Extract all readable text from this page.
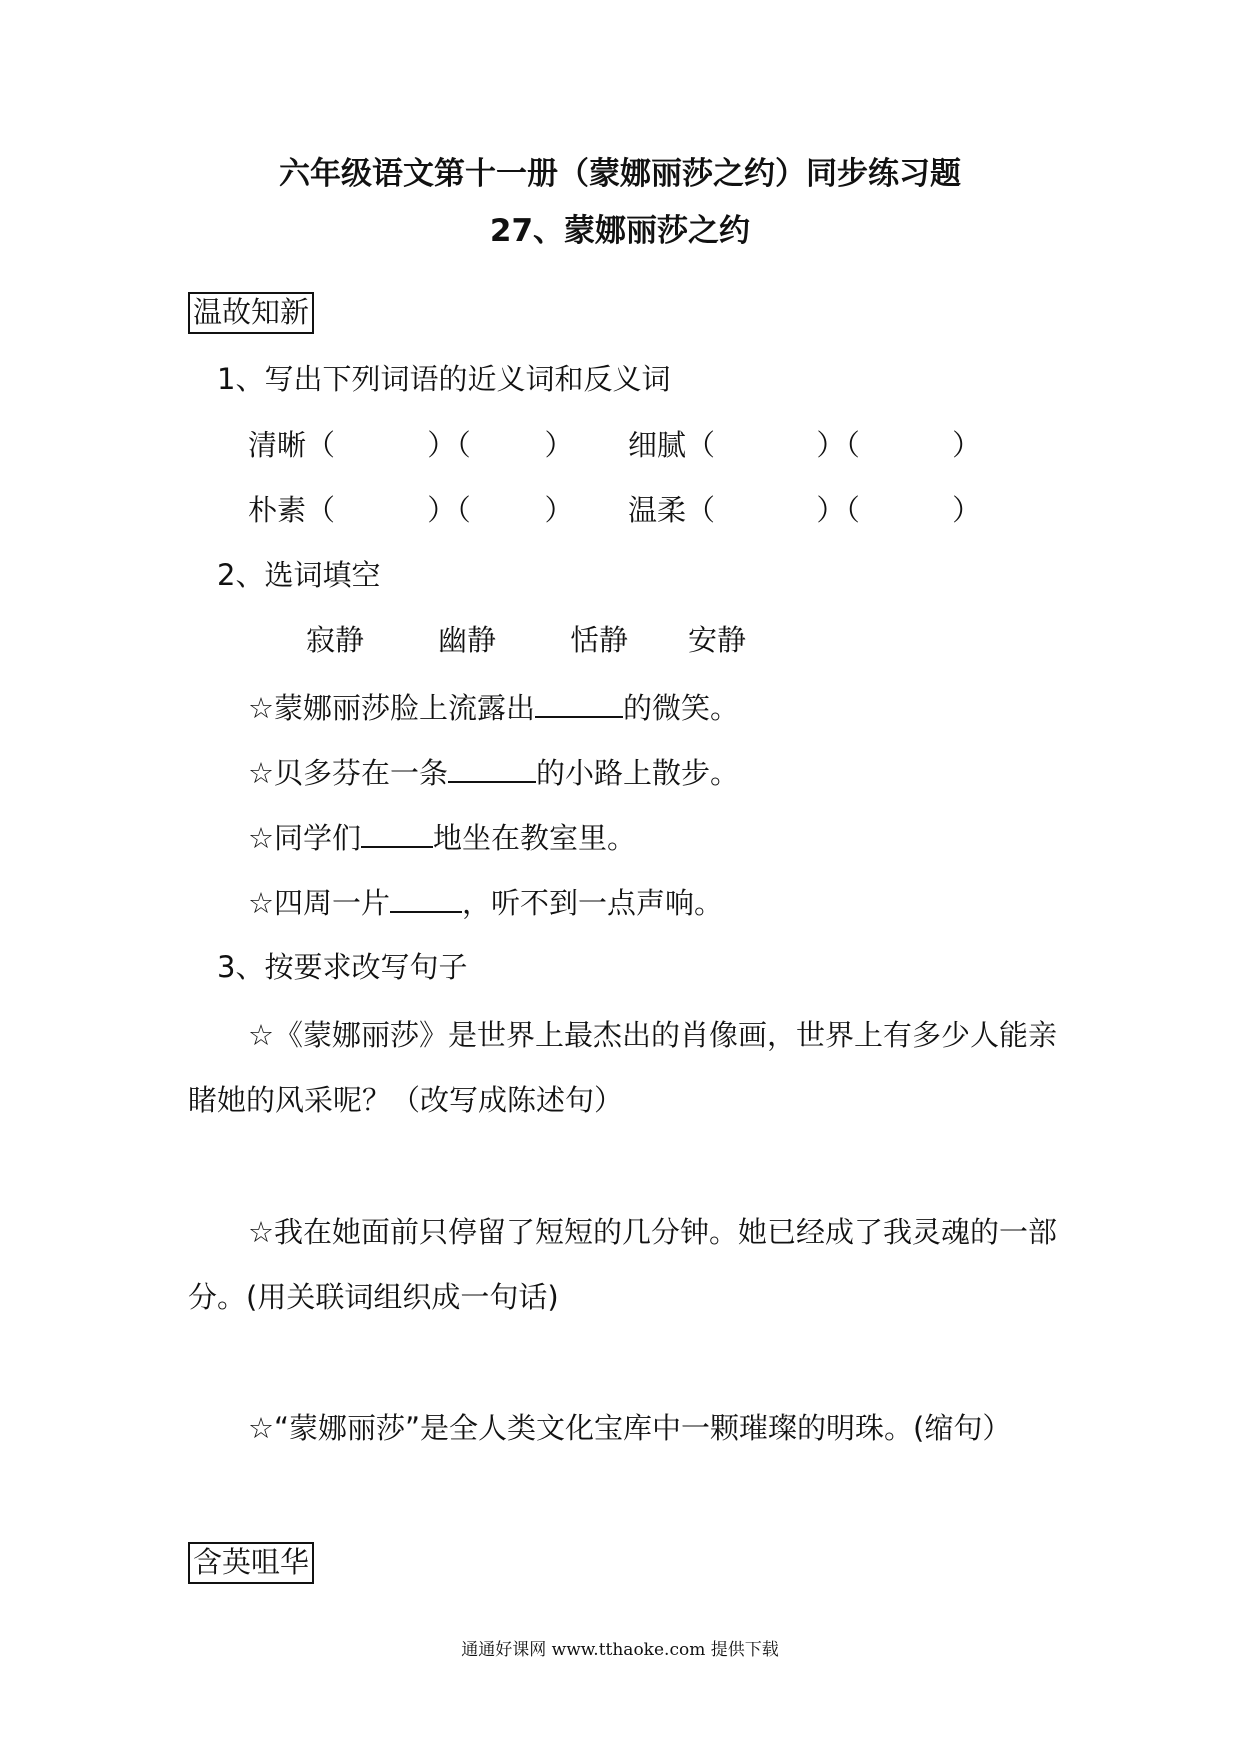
六年级语文第十一册（蒙娜丽莎之约）同步练习题
27、蒙娜丽莎之约
温故知新
1、写出下列词语的近义词和反义词
清晰（          ）（        ） 细腻（           ）（          ）
朴素（          ）（        ） 温柔（           ）（          ）
2、选词填空
寂静	幽静	恬静 安静
☆蒙娜丽莎脸上流露出	的微笑。
☆贝多芬在一条	的小路上散步。
☆同学们 地坐在教室里。
☆四周一片 ，听不到一点声响。
3、按要求改写句子
☆《蒙娜丽莎》是世界上最杰出的肖像画，世界上有多少人能亲
睹她的风采呢？（改写成陈述句）
☆我在她面前只停留了短短的几分钟。她已经成了我灵魂的一部
分。(用关联词组织成一句话)
☆“蒙娜丽莎”是全人类文化宝库中一颗璀璨的明珠。(缩句）
含英咀华
通通好课网 www.tthaoke.com 提供下载
